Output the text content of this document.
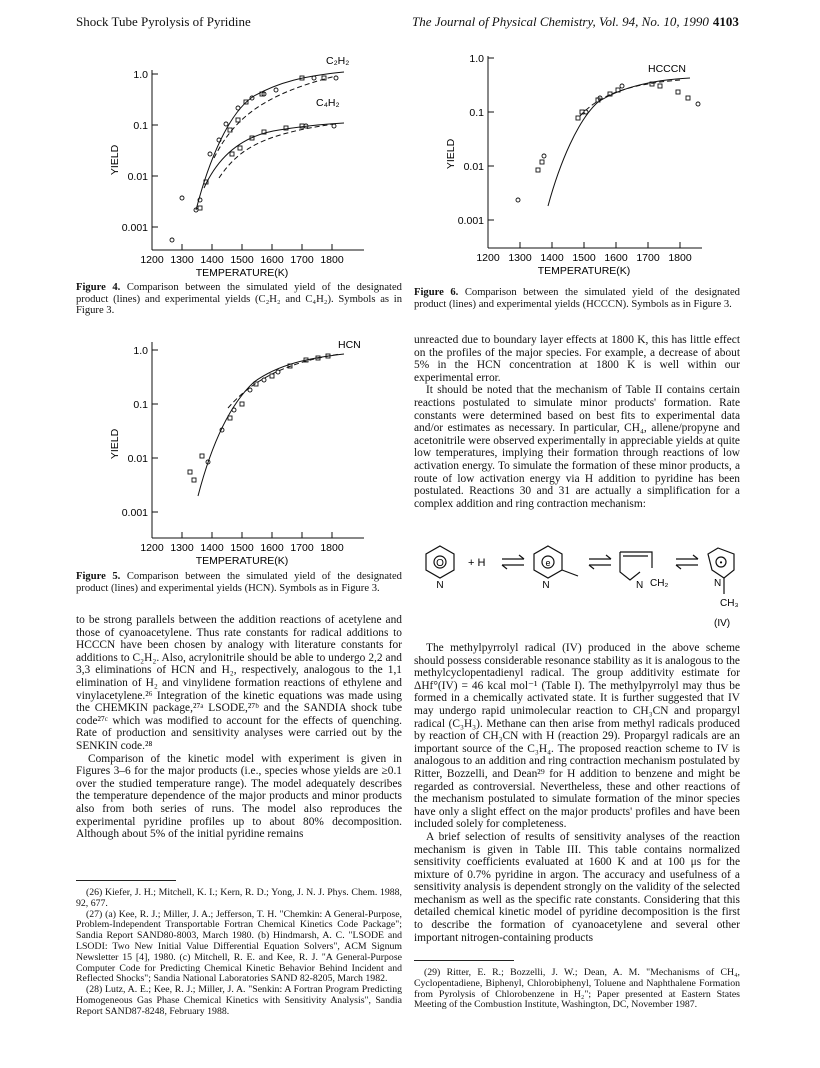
Shock Tube Pyrolysis of Pyridine	The Journal of Physical Chemistry, Vol. 94, No. 10, 1990 4103
1.0
0.1
0.01
0.001
1200 1300 1400 1500 1600 1700 1800
TEMPERATURE(K)
YIELD
C₂H₂
C₄H₂
Figure 4. Comparison between the simulated yield of the designated product (lines) and experimental yields (C₂H₂ and C₄H₂). Symbols as in Figure 3.
1.0
0.1
0.01
0.001
1200 1300 1400 1500 1600 1700 1800
TEMPERATURE(K)
YIELD
HCN
Figure 5. Comparison between the simulated yield of the designated product (lines) and experimental yields (HCN). Symbols as in Figure 3.

to be strong parallels between the addition reactions of acetylene and those of cyanoacetylene. Thus rate constants for radical additions to HCCCN have been chosen by analogy with literature constants for additions to C₂H₂. Also, acrylonitrile should be able to undergo 2,2 and 3,3 eliminations of HCN and H₂, respectively, analogous to the 1,1 elimination of H₂ and vinylidene formation reactions of ethylene and vinylacetylene.²⁶ Integration of the kinetic equations was made using the CHEMKIN package,²⁷ᵃ LSODE,²⁷ᵇ and the SANDIA shock tube code²⁷ᶜ which was modified to account for the effects of quenching. Rate of production and sensitivity analyses were carried out by the SENKIN code.²⁸

Comparison of the kinetic model with experiment is given in Figures 3–6 for the major products (i.e., species whose yields are ≥0.1 over the studied temperature range). The model adequately describes the temperature dependence of the major products and minor products also from both series of runs. The model also reproduces the experimental pyridine profiles up to about 80% decomposition. Although about 5% of the initial pyridine remains

(26) Kiefer, J. H.; Mitchell, K. I.; Kern, R. D.; Yong, J. N. J. Phys. Chem. 1988, 92, 677.
(27) (a) Kee, R. J.; Miller, J. A.; Jefferson, T. H. "Chemkin: A General-Purpose, Problem-Independent Transportable Fortran Chemical Kinetics Code Package"; Sandia Report SAND80-8003, March 1980. (b) Hindmarsh, A. C. "LSODE and LSODI: Two New Initial Value Differential Equation Solvers", ACM Signum Newsletter 15 [4], 1980. (c) Mitchell, R. E. and Kee, R. J. "A General-Purpose Computer Code for Predicting Chemical Kinetic Behavior Behind Incident and Reflected Shocks"; Sandia National Laboratories SAND 82-8205, March 1982.
(28) Lutz, A. E.; Kee, R. J.; Miller, J. A. "Senkin: A Fortran Program Predicting Homogeneous Gas Phase Chemical Kinetics with Sensitivity Analysis", Sandia Report SAND87-8248, February 1988.
1.0
0.1
0.01
0.001
1200 1300 1400 1500 1600 1700 1800
TEMPERATURE(K)
YIELD
HCCCN
Figure 6. Comparison between the simulated yield of the designated product (lines) and experimental yields (HCCCN). Symbols as in Figure 3.

unreacted due to boundary layer effects at 1800 K, this has little effect on the profiles of the major species. For example, a decrease of about 5% in the HCN concentration at 1800 K is well within our experimental error.

It should be noted that the mechanism of Table II contains certain reactions postulated to simulate minor products' formation. Rate constants were determined based on best fits to experimental data and/or estimates as necessary. In particular, CH₄, allene/propyne and acetonitrile were observed experimentally in appreciable yields at quite low temperatures, implying their formation through reactions of low activation energy. To simulate the formation of these minor products, a route of low activation energy via H addition to pyridine has been postulated. Reactions 30 and 31 are actually a simplification for a complex addition and ring contraction mechanism:

O
N
+ H	e
N	N CH₂
•
N
CH₃
(IV)

The methylpyrrolyl radical (IV) produced in the above scheme should possess considerable resonance stability as it is analogous to the methylcyclopentadienyl radical. The group additivity estimate for ΔHf°(IV) = 46 kcal mol⁻¹ (Table I). The methylpyrrolyl may thus be formed in a chemically activated state. It is further suggested that IV may undergo rapid unimolecular reaction to CH₃CN and propargyl radical (C₃H₃). Methane can then arise from methyl radicals produced by reaction of CH₃CN with H (reaction 29). Propargyl radicals are an important source of the C₃H₄. The proposed reaction scheme to IV is analogous to an addition and ring contraction mechanism postulated by Ritter, Bozzelli, and Dean²⁹ for H addition to benzene and might be regarded as controversial. Nevertheless, these and other reactions of the mechanism postulated to simulate formation of the minor species have only a slight effect on the major products' profiles and have been included solely for completeness.

A brief selection of results of sensitivity analyses of the reaction mechanism is given in Table III. This table contains normalized sensitivity coefficients evaluated at 1600 K and at 100 μs for the mixture of 0.7% pyridine in argon. The accuracy and usefulness of a sensitivity analysis is dependent strongly on the validity of the selected mechanism as well as the specific rate constants. Considering that this detailed chemical kinetic model of pyridine decomposition is the first to describe the formation of cyanoacetylene and several other important nitrogen-containing products

(29) Ritter, E. R.; Bozzelli, J. W.; Dean, A. M. "Mechanisms of CH₄, Cyclopentadiene, Biphenyl, Chlorobiphenyl, Toluene and Naphthalene Formation from Pyrolysis of Chlorobenzene in H₂"; Paper presented at Eastern States Meeting of the Combustion Institute, Washington, DC, November 1987.
